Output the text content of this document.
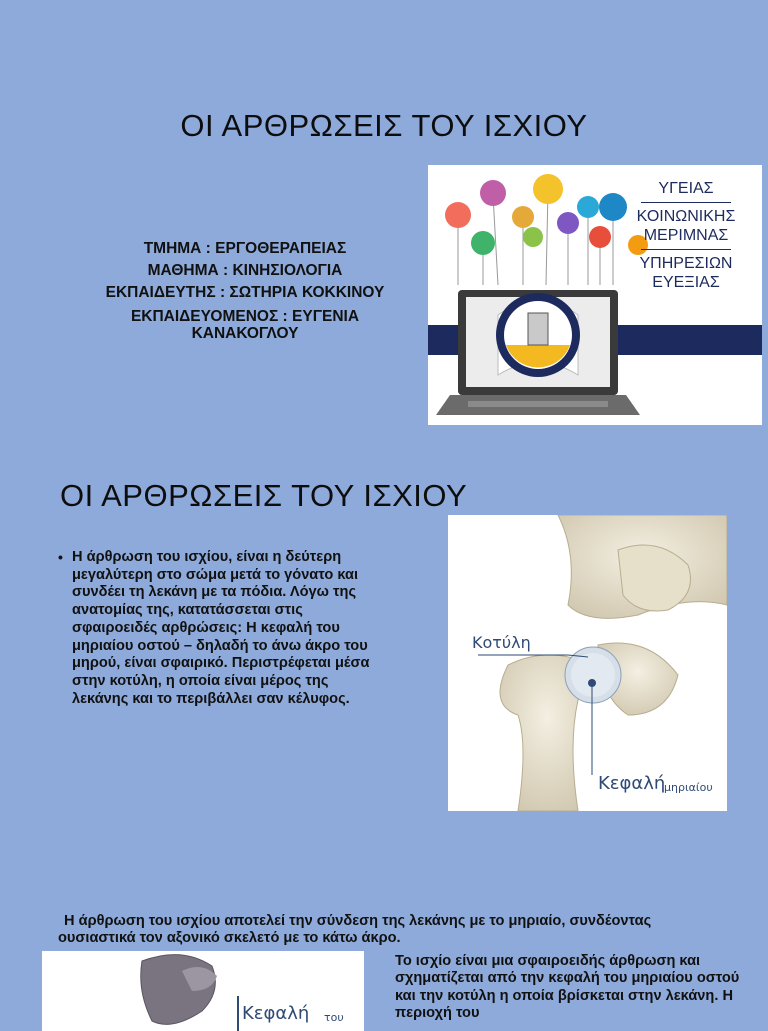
ΟΙ ΑΡΘΡΩΣΕΙΣ ΤΟΥ ΙΣΧΙΟΥ
ΤΜΗΜΑ : ΕΡΓΟΘΕΡΑΠΕΙΑΣ
ΜΑΘΗΜΑ : ΚΙΝΗΣΙΟΛΟΓΙΑ
ΕΚΠΑΙΔΕΥΤΗΣ : ΣΩΤΗΡΙΑ ΚΟΚΚΙΝΟΥ
ΕΚΠΑΙΔΕΥΟΜΕΝΟΣ : ΕΥΓΕΝΙΑ ΚΑΝΑΚΟΓΛΟΥ
ΥΓΕΙΑΣ
ΚΟΙΝΩΝΙΚΗΣ
ΜΕΡΙΜΝΑΣ
ΥΠΗΡΕΣΙΩΝ
ΕΥΕΞΙΑΣ
ΟΙ ΑΡΘΡΩΣΕΙΣ ΤΟΥ ΙΣΧΙΟΥ
• Η άρθρωση του ισχίου, είναι η δεύτερη μεγαλύτερη στο σώμα μετά το γόνατο και συνδέει τη λεκάνη με τα πόδια. Λόγω της ανατομίας της, κατατάσσεται στις σφαιροειδές αρθρώσεις: Η κεφαλή του μηριαίου οστού – δηλαδή το άνω άκρο του μηρού, είναι σφαιρικό. Περιστρέφεται μέσα στην κοτύλη, η οποία είναι μέρος της λεκάνης και το περιβάλλει σαν κέλυφος.
Κοτύλη
Κεφαλή
μηριαίου
Η άρθρωση του ισχίου αποτελεί την σύνδεση της λεκάνης με το μηριαίο, συνδέοντας ουσιαστικά τον αξονικό σκελετό με το κάτω άκρο.
Κεφαλή του
Το ισχίο είναι μια σφαιροειδής άρθρωση και σχηματίζεται από την κεφαλή του μηριαίου οστού και την κοτύλη η οποία βρίσκεται στην λεκάνη. Η περιοχή του
